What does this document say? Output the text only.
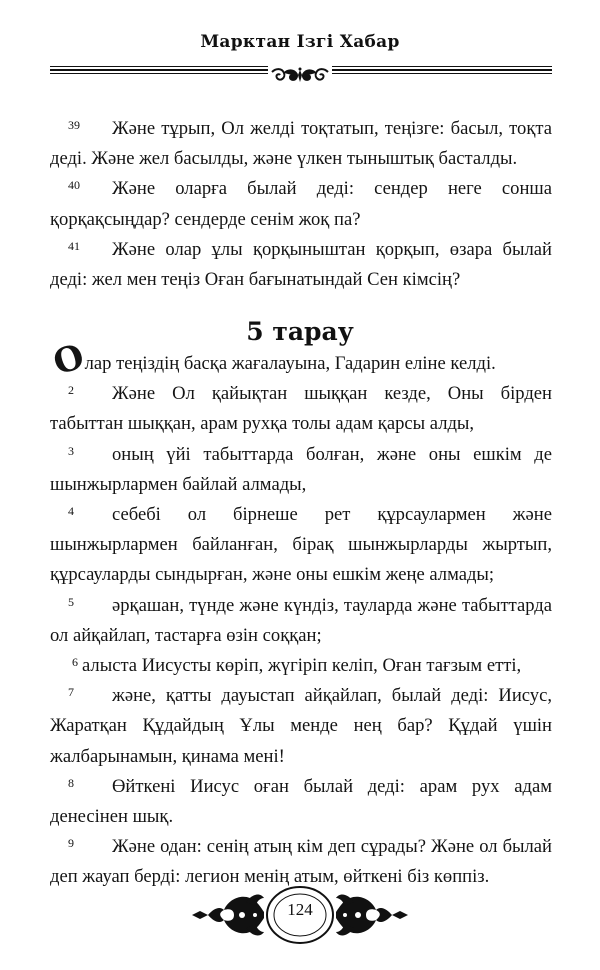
Марктан Ізгі Хабар
39 Және тұрып, Ол желді тоқтатып, теңізге: басыл, тоқта деді. Және жел басылды, және үлкен тыныштық басталды.
40 Және оларға былай деді: сендер неге сонша қорқақсыңдар? сендерде сенім жоқ па?
41 Және олар ұлы қорқыныштан қорқып, өзара былай деді: жел мен теңіз Оған бағынатындай Сен кімсің?
5 тарау
Олар теңіздің басқа жағалауына, Гадарин еліне келді.
2 Және Ол қайықтан шыққан кезде, Оны бірден табыттан шыққан, арам рухқа толы адам қарсы алды,
3 оның үйі табыттарда болған, және оны ешкім де шынжырлармен байлай алмады,
4 себебі ол бірнеше рет құрсаулармен және шынжырлармен байланған, бірақ шынжырларды жыртып, құрсауларды сындырған, және оны ешкім жеңе алмады;
5 әрқашан, түнде және күндіз, тауларда және табыттарда ол айқайлап, тастарға өзін соққан;
6 алыста Иисусты көріп, жүгіріп келіп, Оған тағзым етті,
7 және, қатты дауыстап айқайлап, былай деді: Иисус, Жаратқан Құдайдың Ұлы менде нең бар? Құдай үшін жалбарынамын, қинама мені!
8 Өйткені Иисус оған былай деді: арам рух адам денесінен шық.
9 Және одан: сенің атың кім деп сұрады? Және ол былай деп жауап берді: легион менің атым, өйткені біз көппіз.
124
